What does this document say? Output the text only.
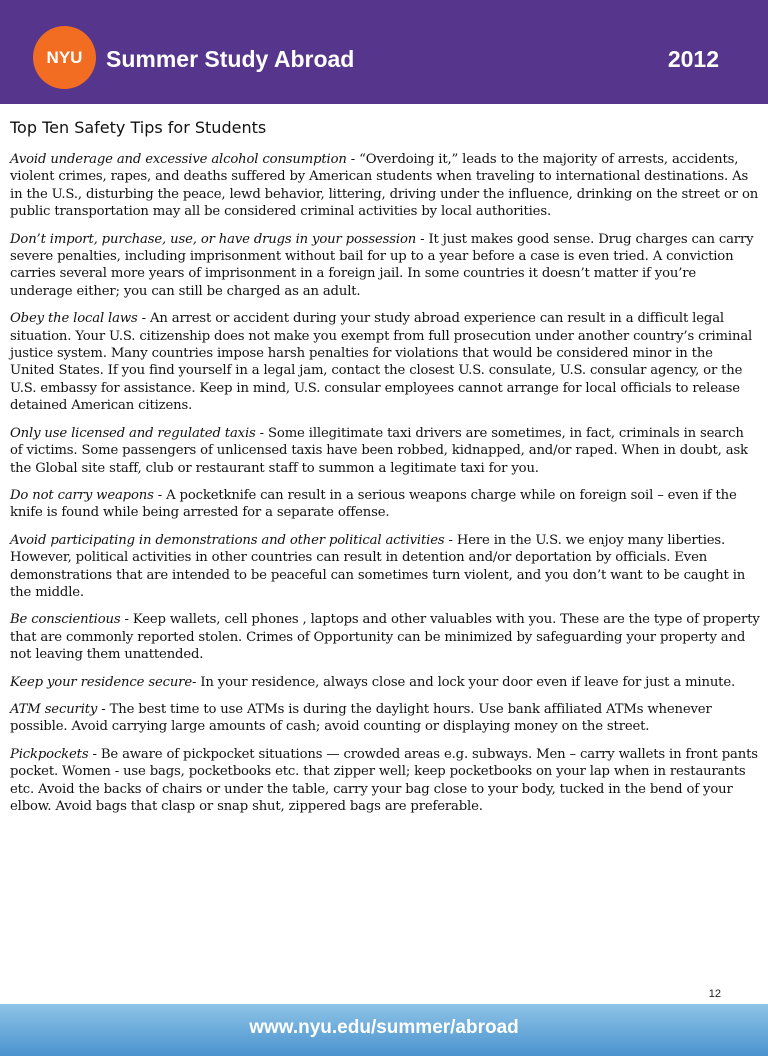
NYU	Summer Study Abroad	2012
Top Ten Safety Tips for Students

Avoid underage and excessive alcohol consumption - “Overdoing it,” leads to the majority of arrests, accidents, violent crimes, rapes, and deaths suffered by American students when traveling to international destinations. As in the U.S., disturbing the peace, lewd behavior, littering, driving under the influence, drinking on the street or on public transportation may all be considered criminal activities by local authorities.

Don’t import, purchase, use, or have drugs in your possession - It just makes good sense. Drug charges can carry severe penalties, including imprisonment without bail for up to a year before a case is even tried. A conviction carries several more years of imprisonment in a foreign jail. In some countries it doesn’t matter if you’re underage either; you can still be charged as an adult.

Obey the local laws - An arrest or accident during your study abroad experience can result in a difficult legal situation. Your U.S. citizenship does not make you exempt from full prosecution under another country’s criminal justice system. Many countries impose harsh penalties for violations that would be considered minor in the United States. If you find yourself in a legal jam, contact the closest U.S. consulate, U.S. consular agency, or the U.S. embassy for assistance. Keep in mind, U.S. consular employees cannot arrange for local officials to release detained American citizens.

Only use licensed and regulated taxis - Some illegitimate taxi drivers are sometimes, in fact, criminals in search of victims. Some passengers of unlicensed taxis have been robbed, kidnapped, and/or raped. When in doubt, ask the Global site staff, club or restaurant staff to summon a legitimate taxi for you.

Do not carry weapons - A pocketknife can result in a serious weapons charge while on foreign soil – even if the knife is found while being arrested for a separate offense.

Avoid participating in demonstrations and other political activities - Here in the U.S. we enjoy many liberties. However, political activities in other countries can result in detention and/or deportation by officials. Even demonstrations that are intended to be peaceful can sometimes turn violent, and you don’t want to be caught in the middle.

Be conscientious - Keep wallets, cell phones , laptops and other valuables with you. These are the type of property that are commonly reported stolen. Crimes of Opportunity can be minimized by safeguarding your property and not leaving them unattended.

Keep your residence secure- In your residence, always close and lock your door even if leave for just a minute.

ATM security - The best time to use ATMs is during the daylight hours. Use bank affiliated ATMs whenever possible. Avoid carrying large amounts of cash; avoid counting or displaying money on the street.

Pickpockets - Be aware of pickpocket situations — crowded areas e.g. subways. Men – carry wallets in front pants pocket. Women - use bags, pocketbooks etc. that zipper well; keep pocketbooks on your lap when in restaurants etc. Avoid the backs of chairs or under the table, carry your bag close to your body, tucked in the bend of your elbow. Avoid bags that clasp or snap shut, zippered bags are preferable.

12
www.nyu.edu/summer/abroad
